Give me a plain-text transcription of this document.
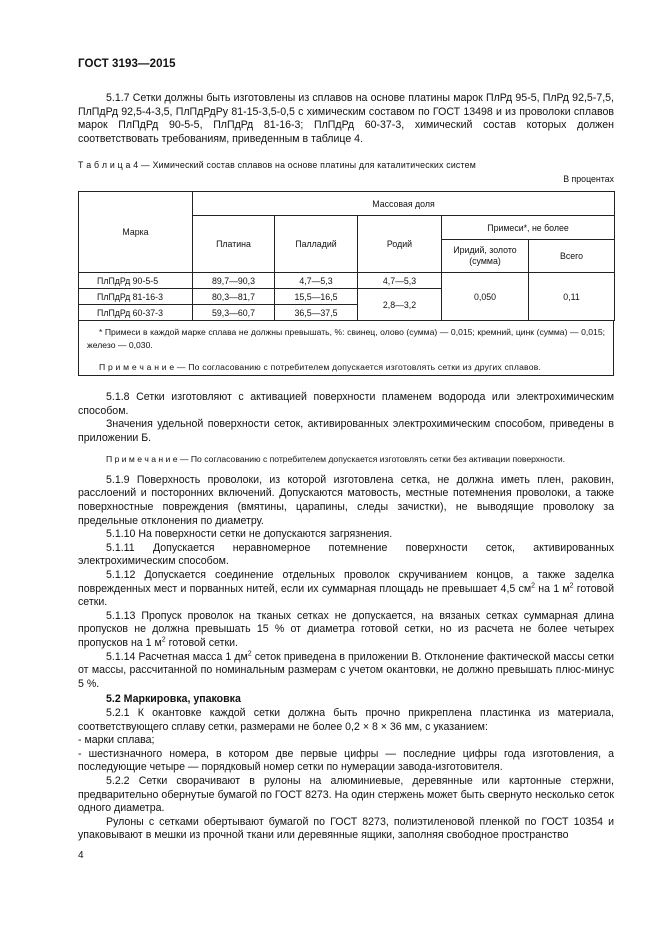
ГОСТ 3193—2015

5.1.7 Сетки должны быть изготовлены из сплавов на основе платины марок ПлРд 95-5, ПлРд 92,5-7,5, ПлПдРд 92,5-4-3,5, ПлПдРдРу 81-15-3,5-0,5 с химическим составом по ГОСТ 13498 и из проволоки сплавов марок ПлПдРд 90-5-5, ПлПдРд 81-16-3; ПлПдРд 60-37-3, химический состав которых должен соответствовать требованиям, приведенным в таблице 4.

Т а б л и ц а 4 — Химический состав сплавов на основе платины для каталитических систем
В процентах
Марка	Массовая доля				
	Платина	Палладий	Родий	Примеси*, не более	
				Иридий, золото (сумма)	Всего
ПлПдРд 90-5-5	89,7—90,3	4,7—5,3	4,7—5,3	0,050	0,11
ПлПдРд 81-16-3	80,3—81,7	15,5—16,5	2,8—3,2		
ПлПдРд 60-37-3	59,3—60,7	36,5—37,5			

* Примеси в каждой марке сплава не должны превышать, %: свинец, олово (сумма) — 0,015; кремний, цинк (сумма) — 0,015; железо — 0,030.

П р и м е ч а н и е — По согласованию с потребителем допускается изготовлять сетки из других сплавов.

5.1.8 Сетки изготовляют с активацией поверхности пламенем водорода или электрохимическим способом.

Значения удельной поверхности сеток, активированных электрохимическим способом, приведены в приложении Б.

П р и м е ч а н и е — По согласованию с потребителем допускается изготовлять сетки без активации поверхности.

5.1.9 Поверхность проволоки, из которой изготовлена сетка, не должна иметь плен, раковин, расслоений и посторонних включений. Допускаются матовость, местные потемнения проволоки, а также поверхностные повреждения (вмятины, царапины, следы зачистки), не выводящие проволоку за предельные отклонения по диаметру.

5.1.10 На поверхности сетки не допускаются загрязнения.

5.1.11 Допускается неравномерное потемнение поверхности сеток, активированных электрохимическим способом.

5.1.12 Допускается соединение отдельных проволок скручиванием концов, а также заделка поврежденных мест и порванных нитей, если их суммарная площадь не превышает 4,5 $см^2$ на 1 $м^2$ готовой сетки.

5.1.13 Пропуск проволок на тканых сетках не допускается, на вязаных сетках суммарная длина пропусков не должна превышать 15 % от диаметра готовой сетки, но из расчета не более четырех пропусков на 1 $м^2$ готовой сетки.

5.1.14 Расчетная масса 1 $дм^2$ сеток приведена в приложении В. Отклонение фактической массы сетки от массы, рассчитанной по номинальным размерам с учетом окантовки, не должно превышать плюс-минус 5 %.

5.2 Маркировка, упаковка

5.2.1 К окантовке каждой сетки должна быть прочно прикреплена пластинка из материала, соответствующего сплаву сетки, размерами не более 0,2 × 8 × 36 мм, с указанием:

- марки сплава;

- шестизначного номера, в котором две первые цифры — последние цифры года изготовления, а последующие четыре — порядковый номер сетки по нумерации завода-изготовителя.

5.2.2 Сетки сворачивают в рулоны на алюминиевые, деревянные или картонные стержни, предварительно обернутые бумагой по ГОСТ 8273. На один стержень может быть свернуто несколько сеток одного диаметра.

Рулоны с сетками обертывают бумагой по ГОСТ 8273, полиэтиленовой пленкой по ГОСТ 10354 и упаковывают в мешки из прочной ткани или деревянные ящики, заполняя свободное пространство

4
